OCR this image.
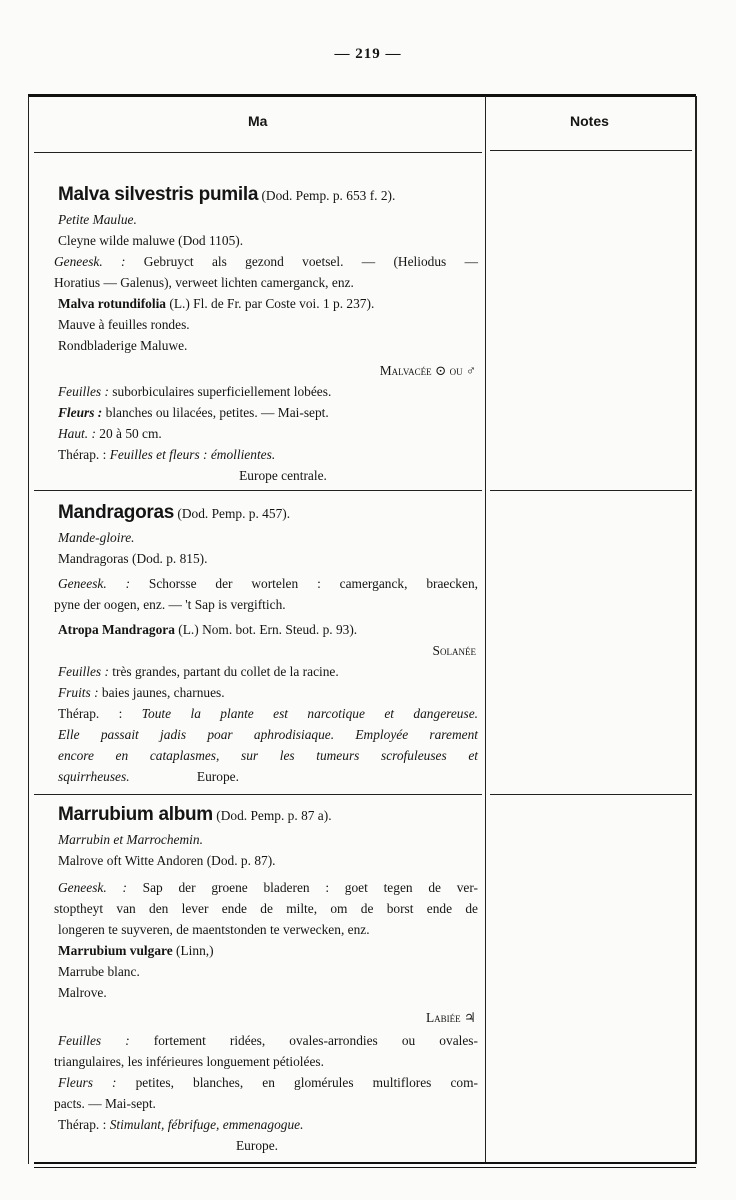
— 219 —
Ma	Notes
Malva silvestris pumila (Dod. Pemp. p. 653 f. 2).
Petite Maulue.
Cleyne wilde maluwe (Dod 1105).
Geneesk. : Gebruyct als gezond voetsel. — (Heliodus —
Horatius — Galenus), verweet lichten camerganck, enz.
Malva rotundifolia (L.) Fl. de Fr. par Coste voi. 1 p. 237).
Mauve à feuilles rondes.
Rondbladerige Maluwe.
Malvacée ⊙ ou ♂
Feuilles : suborbiculaires superficiellement lobées.
Fleurs : blanches ou lilacées, petites. — Mai-sept.
Haut. : 20 à 50 cm.
Thérap. : Feuilles et fleurs : émollientes.
Europe centrale.
Mandragoras (Dod. Pemp. p. 457).
Mande-gloire.
Mandragoras (Dod. p. 815).
Geneesk. : Schorsse der wortelen : camerganck, braecken,
pyne der oogen, enz. — 't Sap is vergiftich.
Atropa Mandragora (L.) Nom. bot. Ern. Steud. p. 93).
Solanée
Feuilles : très grandes, partant du collet de la racine.
Fruits : baies jaunes, charnues.
Thérap. : Toute la plante est narcotique et dangereuse.
Elle passait jadis poar aphrodisiaque. Employée rarement
encore en cataplasmes, sur les tumeurs scrofuleuses et
squirrheuses.	Europe.
Marrubium album (Dod. Pemp. p. 87 a).
Marrubin et Marrochemin.
Malrove oft Witte Andoren (Dod. p. 87).
Geneesk. : Sap der groene bladeren : goet tegen de ver-
stoptheyt van den lever ende de milte, om de borst ende de
longeren te suyveren, de maentstonden te verwecken, enz.
Marrubium vulgare (Linn,)
Marrube blanc.
Malrove.
Labiée ♃
Feuilles : fortement ridées, ovales-arrondies ou ovales-
triangulaires, les inférieures longuement pétiolées.
Fleurs : petites, blanches, en glomérules multiflores com-
pacts. — Mai-sept.
Thérap. : Stimulant, fébrifuge, emmenagogue.
Europe.
